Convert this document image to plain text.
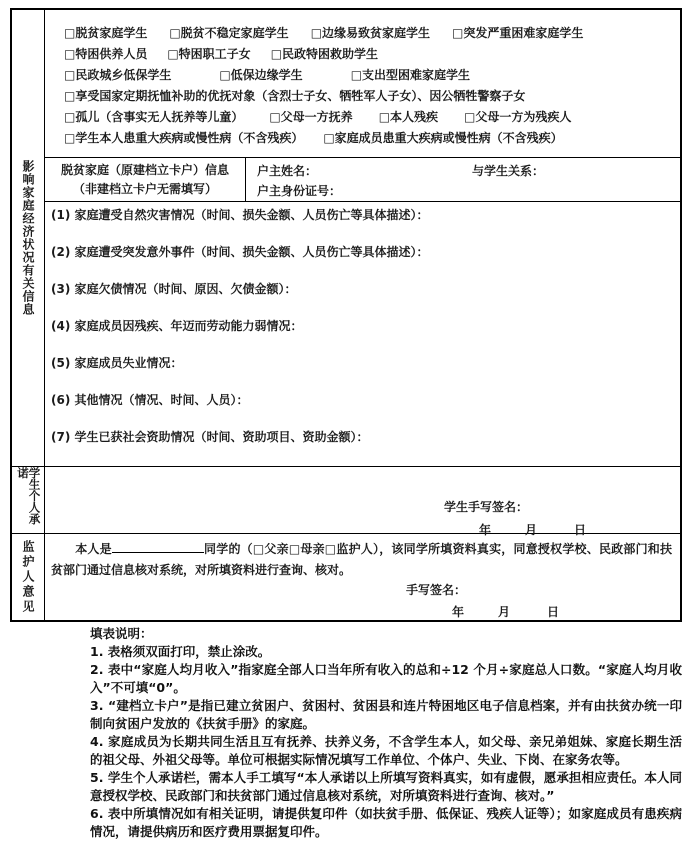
影响家庭经济状况有关信息
□脱贫家庭学生 □脱贫不稳定家庭学生 □边缘易致贫家庭学生 □突发严重困难家庭学生
□特困供养人员 □特困职工子女 □民政特困救助学生
□民政城乡低保学生	□低保边缘学生	□支出型困难家庭学生
□享受国家定期抚恤补助的优抚对象（含烈士子女、牺牲军人子女）、因公牺牲警察子女
□孤儿（含事实无人抚养等儿童） □父母一方抚养 □本人残疾 □父母一方为残疾人
□学生本人患重大疾病或慢性病（不含残疾） □家庭成员患重大疾病或慢性病（不含残疾）
脱贫家庭（原建档立卡户）信息
（非建档立卡户无需填写）
户主姓名：	与学生关系：
户主身份证号：
(1) 家庭遭受自然灾害情况（时间、损失金额、人员伤亡等具体描述）：
(2) 家庭遭受突发意外事件（时间、损失金额、人员伤亡等具体描述）：
(3) 家庭欠债情况（时间、原因、欠债金额）：
(4) 家庭成员因残疾、年迈而劳动能力弱情况：
(5) 家庭成员失业情况：
(6) 其他情况（情况、时间、人员）：
(7) 学生已获社会资助情况（时间、资助项目、资助金额）：
学生个人承诺
学生手写签名：
年	月	日
监护人意见	本人是	同学的（□父亲□母亲□监护人），该同学所填资料真实，同意授权学校、民政部门和扶贫部门通过信息核对系统，对所填资料进行查询、核对。
手写签名：
年	月	日
填表说明：
1. 表格须双面打印，禁止涂改。
2. 表中“家庭人均月收入”指家庭全部人口当年所有收入的总和÷12 个月÷家庭总人口数。“家庭人均月收入”不可填“0”。
3. “建档立卡户”是指已建立贫困户、贫困村、贫困县和连片特困地区电子信息档案，并有由扶贫办统一印制向贫困户发放的《扶贫手册》的家庭。
4. 家庭成员为长期共同生活且互有抚养、扶养义务，不含学生本人，如父母、亲兄弟姐妹、家庭长期生活的祖父母、外祖父母等。单位可根据实际情况填写工作单位、个体户、失业、下岗、在家务农等。
5. 学生个人承诺栏，需本人手工填写“本人承诺以上所填写资料真实，如有虚假，愿承担相应责任。本人同意授权学校、民政部门和扶贫部门通过信息核对系统，对所填资料进行查询、核对。”
6. 表中所填情况如有相关证明，请提供复印件（如扶贫手册、低保证、残疾人证等）；如家庭成员有患疾病情况，请提供病历和医疗费用票据复印件。
